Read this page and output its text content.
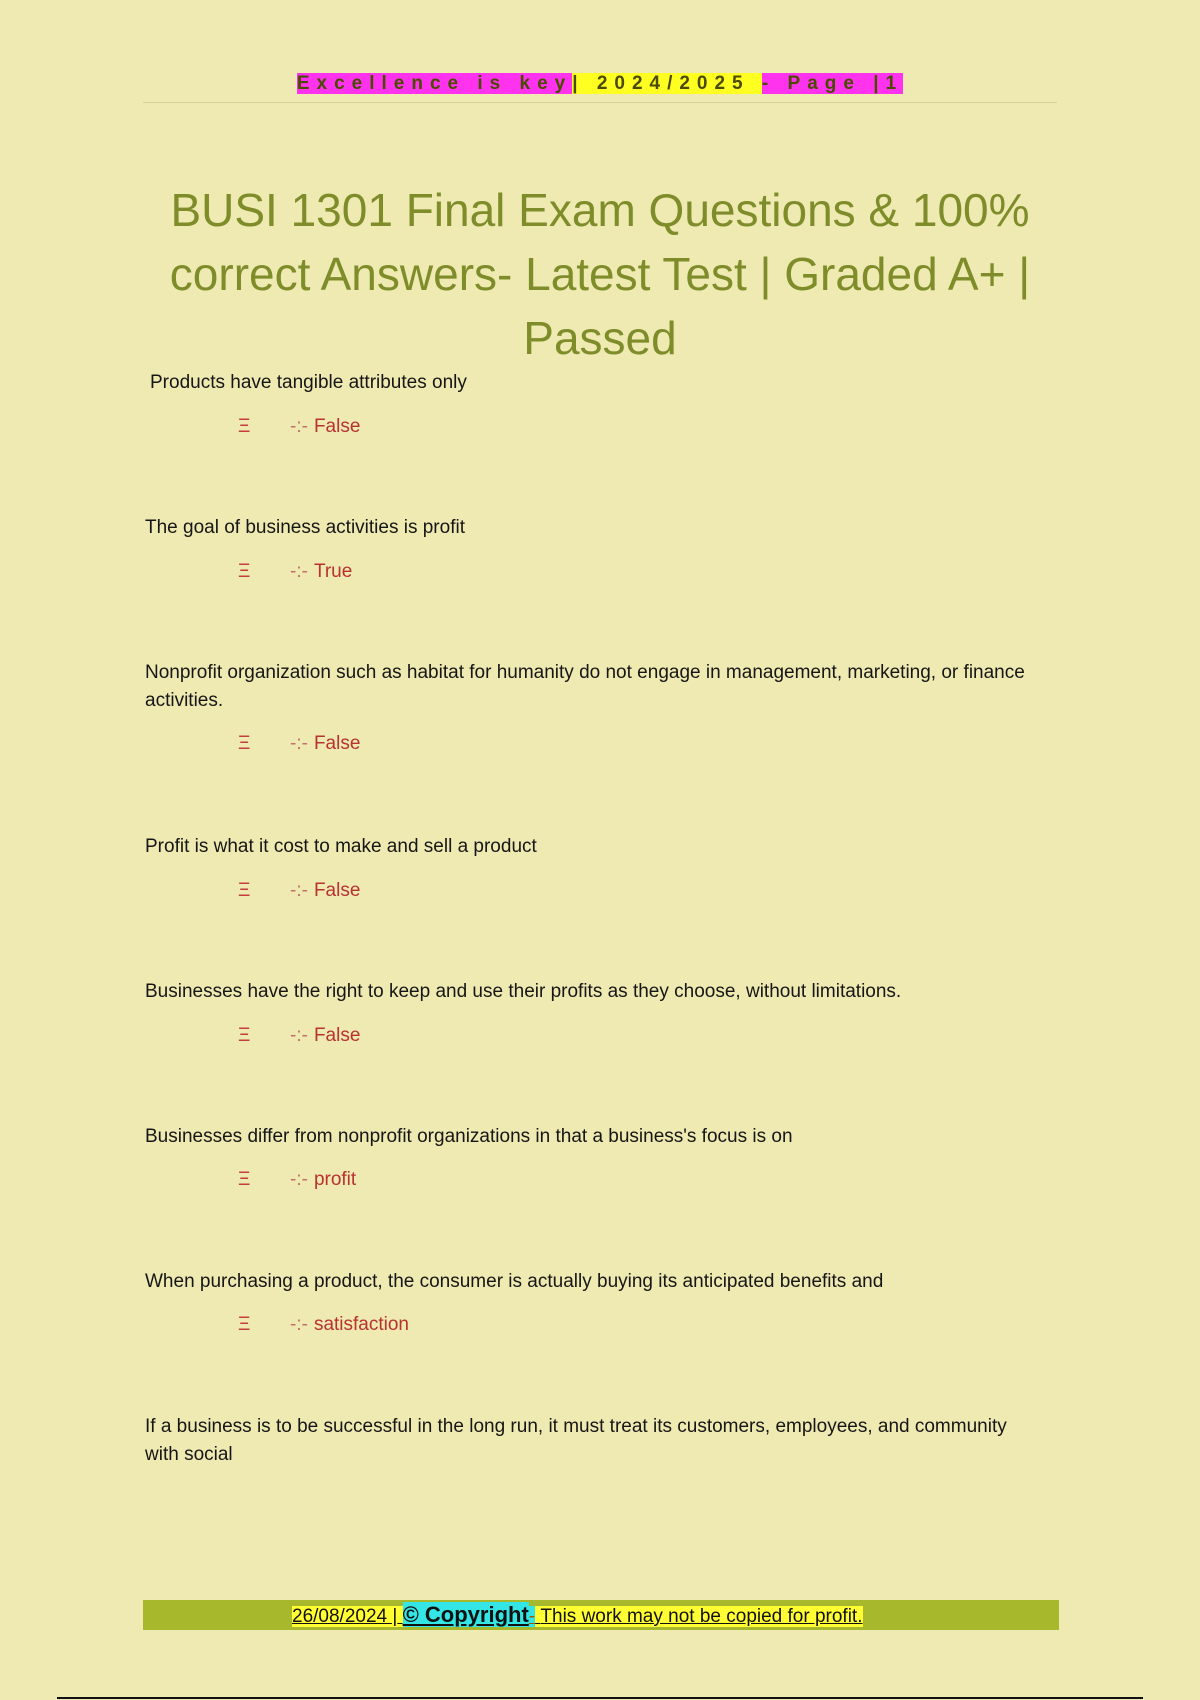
Excellence is key| 2024/2025 - Page |1
BUSI 1301 Final Exam Questions & 100% correct Answers- Latest Test | Graded A+ | Passed

Products have tangible attributes only

Ξ -:- False

The goal of business activities is profit

Ξ -:- True

Nonprofit organization such as habitat for humanity do not engage in management, marketing, or finance activities.

Ξ -:- False

Profit is what it cost to make and sell a product

Ξ -:- False

Businesses have the right to keep and use their profits as they choose, without limitations.

Ξ -:- False

Businesses differ from nonprofit organizations in that a business's focus is on

Ξ -:- profit

When purchasing a product, the consumer is actually buying its anticipated benefits and

Ξ -:- satisfaction

If a business is to be successful in the long run, it must treat its customers, employees, and community with social

26/08/2024 | © Copyright- This work may not be copied for profit.
